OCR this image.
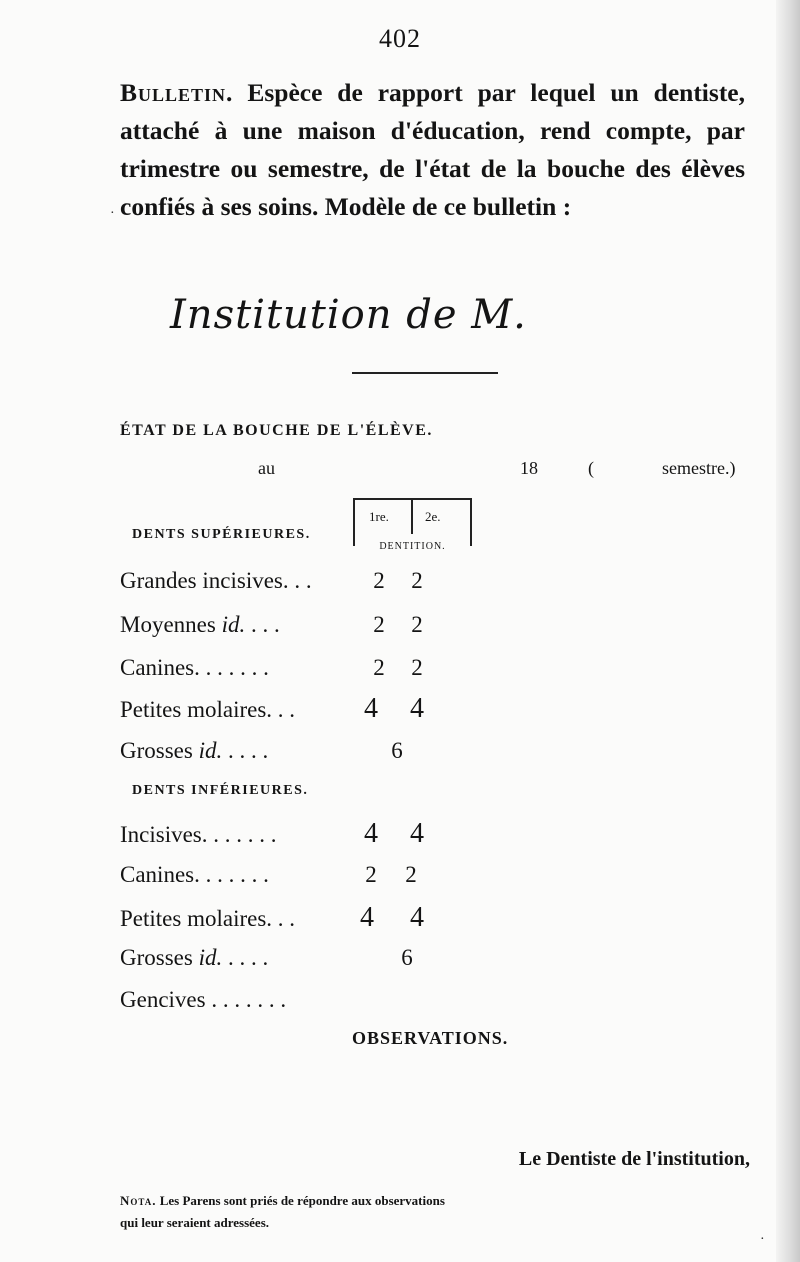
402
Bulletin. Espèce de rapport par lequel un dentiste, attaché à une maison d'éducation, rend compte, par trimestre ou semestre, de l'état de la bouche des élèves confiés à ses soins. Modèle de ce bulletin :
Institution de M.
ÉTAT DE LA BOUCHE DE L'ÉLÈVE.
au	18	(	semestre.)
DENTS SUPÉRIEURES.
1re.	2e.
DENTITION.
Grandes incisives. . .	2	2
Moyennes id. . . .	2	2
Canines. . . . . . .	2	2
Petites molaires. . . 4 4
Grosses id. . . . .	6
DENTS INFÉRIEURES.
Incisives. . . . . . .	4 4
Canines. . . . . . .	2	2
Petites molaires. . . 4 4
Grosses id. . . . .	6
Gencives . . . . . . .
OBSERVATIONS.
Le Dentiste de l'institution,
Nota. Les Parens sont priés de répondre aux observations qui leur seraient adressées.
·
·
